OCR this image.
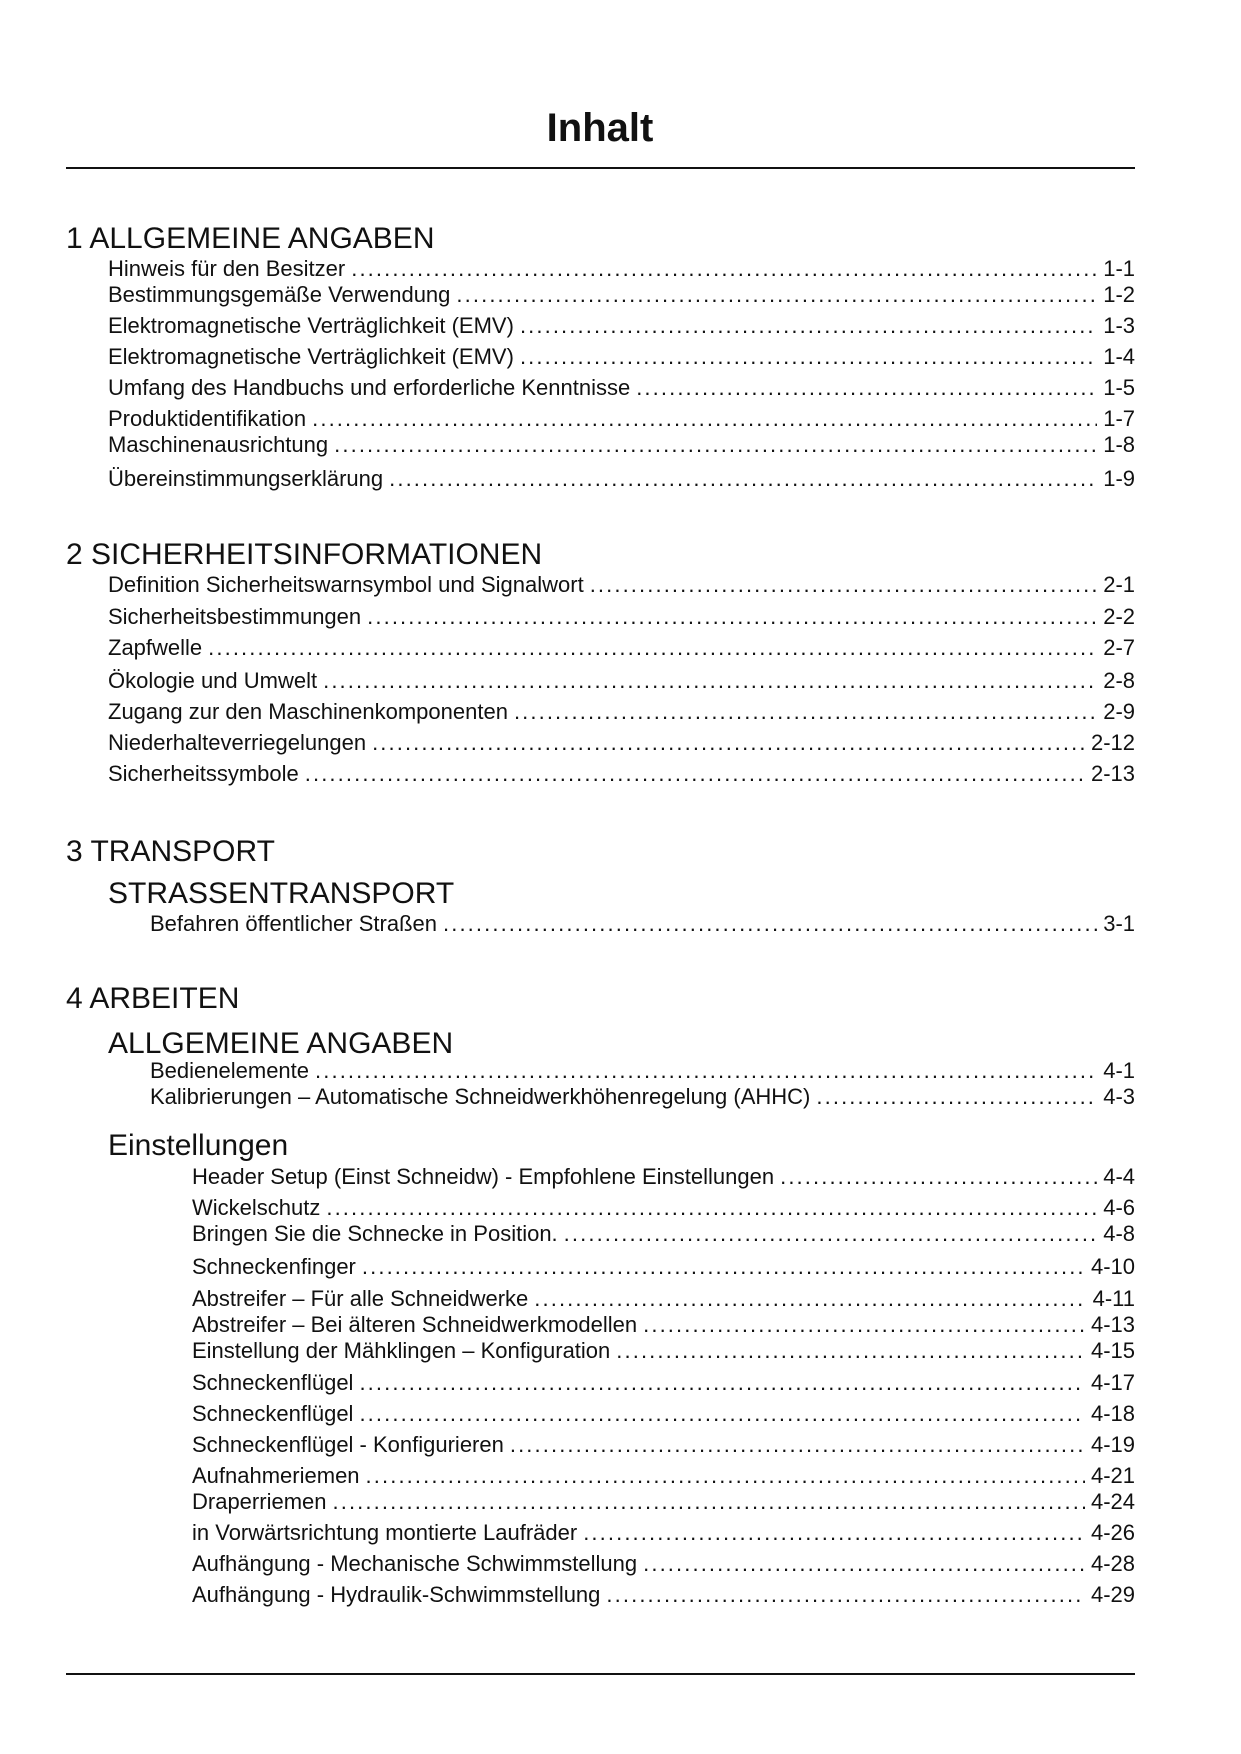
Inhalt
1 ALLGEMEINE ANGABEN
Hinweis für den Besitzer . . .	1-1
Bestimmungsgemäße Verwendung . . .	1-2
Elektromagnetische Verträglichkeit (EMV) . . .	1-3
Elektromagnetische Verträglichkeit (EMV) . . .	1-4
Umfang des Handbuchs und erforderliche Kenntnisse . . .	1-5
Produktidentifikation . . .	1-7
Maschinenausrichtung . . .	1-8
Übereinstimmungserklärung . . .	1-9
2 SICHERHEITSINFORMATIONEN
Definition Sicherheitswarnsymbol und Signalwort . . .	2-1
Sicherheitsbestimmungen . . .	2-2
Zapfwelle . . .	2-7
Ökologie und Umwelt . . .	2-8
Zugang zur den Maschinenkomponenten . . .	2-9
Niederhalteverriegelungen . . .	2-12
Sicherheitssymbole . . .	2-13
3 TRANSPORT
STRASSENTRANSPORT
Befahren öffentlicher Straßen . . .	3-1
4 ARBEITEN
ALLGEMEINE ANGABEN
Bedienelemente . . .	4-1
Kalibrierungen – Automatische Schneidwerkhöhenregelung (AHHC) . . .	4-3
Einstellungen
Header Setup (Einst Schneidw) - Empfohlene Einstellungen . . .	4-4
Wickelschutz . . .	4-6
Bringen Sie die Schnecke in Position. . . .	4-8
Schneckenfinger . . .	4-10
Abstreifer – Für alle Schneidwerke . . .	4-11
Abstreifer – Bei älteren Schneidwerkmodellen . . .	4-13
Einstellung der Mähklingen – Konfiguration . . .	4-15
Schneckenflügel . . .	4-17
Schneckenflügel . . .	4-18
Schneckenflügel - Konfigurieren . . .	4-19
Aufnahmeriemen . . .	4-21
Draperriemen . . .	4-24
in Vorwärtsrichtung montierte Laufräder . . .	4-26
Aufhängung - Mechanische Schwimmstellung . . .	4-28
Aufhängung - Hydraulik-Schwimmstellung . . .	4-29
